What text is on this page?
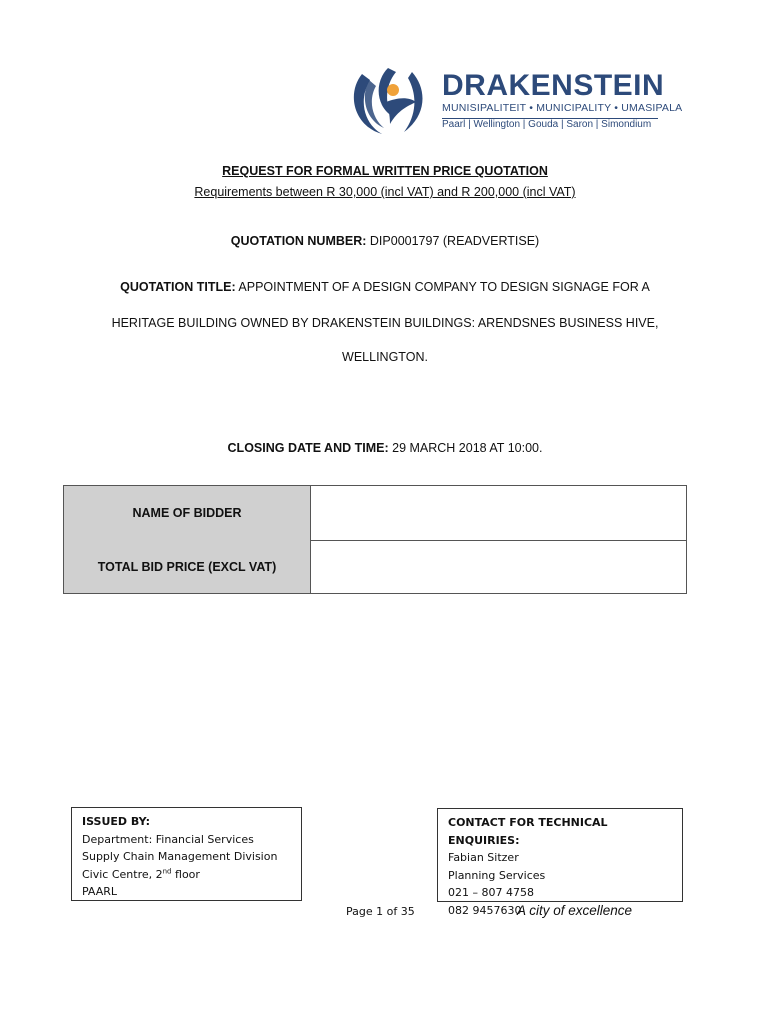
DRAKENSTEIN
MUNISIPALITEIT • MUNICIPALITY • UMASIPALA
Paarl | Wellington | Gouda | Saron | Simondium
REQUEST FOR FORMAL WRITTEN PRICE QUOTATION
Requirements between R 30,000 (incl VAT) and R 200,000 (incl VAT)
QUOTATION NUMBER: DIP0001797 (READVERTISE)
QUOTATION TITLE: APPOINTMENT OF A DESIGN COMPANY TO DESIGN SIGNAGE FOR A
HERITAGE BUILDING OWNED BY DRAKENSTEIN BUILDINGS: ARENDSNES BUSINESS HIVE,
WELLINGTON.
CLOSING DATE AND TIME: 29 MARCH 2018 AT 10:00.
NAME OF BIDDER
TOTAL BID PRICE (EXCL VAT)
ISSUED BY:
Department: Financial Services
Supply Chain Management Division
Civic Centre, 2nd floor
PAARL
CONTACT FOR TECHNICAL ENQUIRIES:
Fabian Sitzer
Planning Services
021 – 807 4758
082 9457630
Page 1 of 35	A city of excellence
